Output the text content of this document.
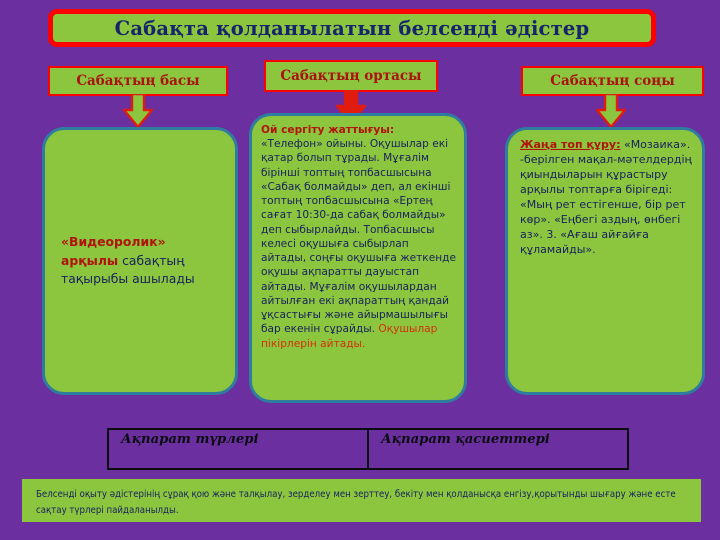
Сабақта қолданылатын белсенді әдістер
Сабақтың басы	Сабақтың ортасы	Сабақтың соңы
«Видеоролик» арқылы сабақтың тақырыбы ашылады
Ой сергіту жаттығуы: «Телефон» ойыны. Оқушылар екі қатар болып тұрады. Мұғалім бірінші топтың топбасшысына «Сабақ болмайды» деп, ал екінші топтың топбасшысына «Ертең сағат 10:30-да сабақ болмайды» деп сыбырлайды. Топбасшысы келесі оқушыға сыбырлап айтады, соңғы оқушыға жеткенде оқушы ақпаратты дауыстап айтады. Мұғалім оқушылардан айтылған екі ақпараттың қандай ұқсастығы және айырмашылығы бар екенін сұрайды. Оқушылар пікірлерін айтады.
Жаңа топ құру: «Мозаика». -берілген мақал-мәтелдердің қиындыларын құрастыру арқылы топтарға бірігеді: «Мың рет естігенше, бір рет көр». «Еңбегі аздың, өнбегі аз». 3. «Ағаш айғайға құламайды».
Ақпарат түрлері	Ақпарат қасиеттері
Белсенді оқыту әдістерінің сұрақ қою және талқылау, зерделеу мен зерттеу, бекіту мен қолданысқа енгізу,қорытынды шығару және есте сақтау түрлері пайдаланылды.
